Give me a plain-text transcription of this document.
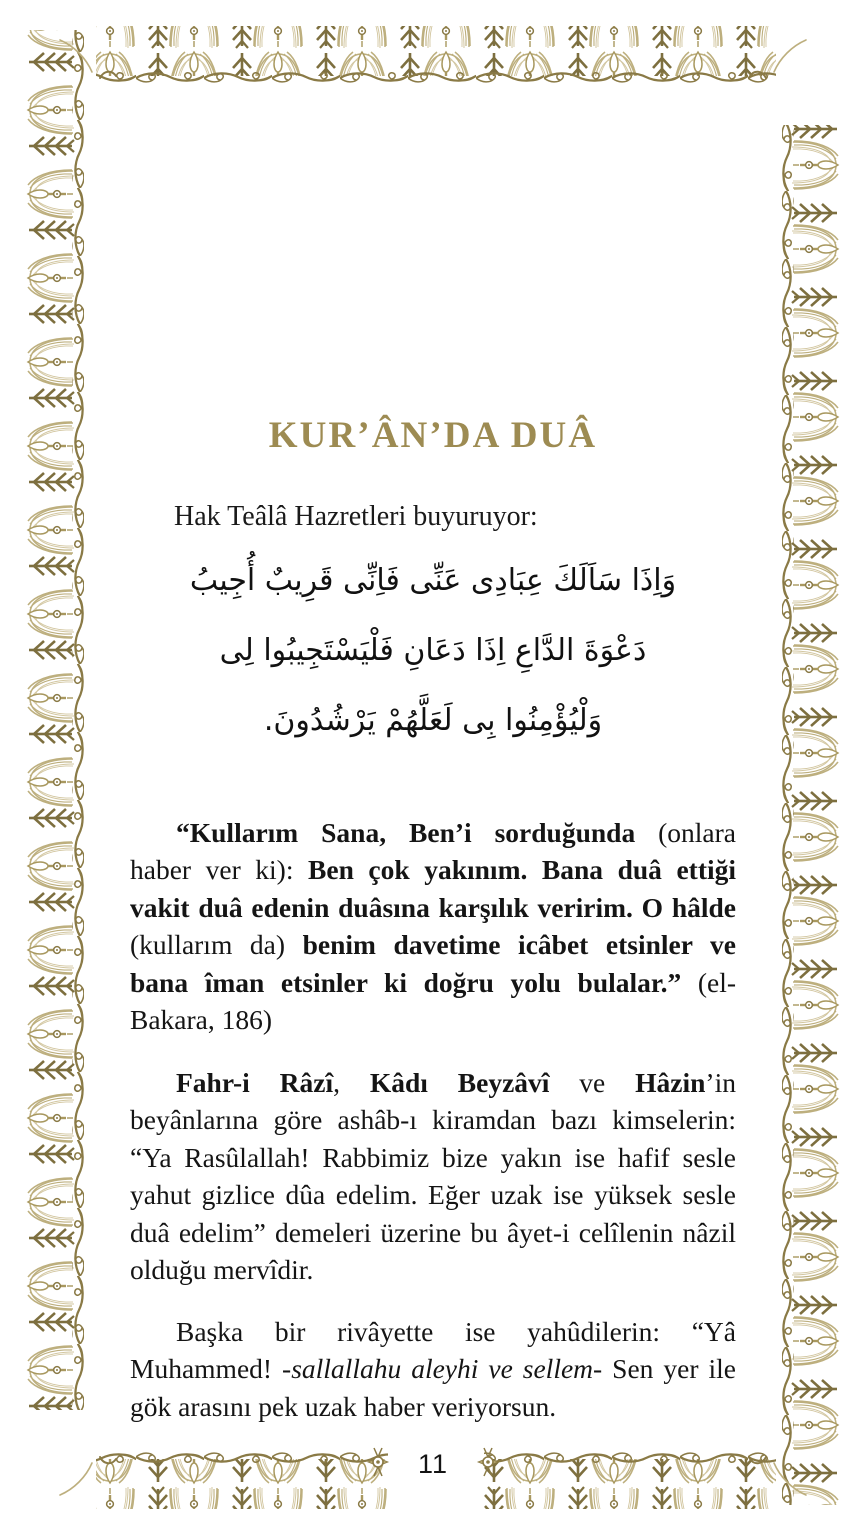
KUR’ÂN’DA DUÂ
Hak Teâlâ Hazretleri buyuruyor:
وَاِذَا سَاَلَكَ عِبَادِى عَنِّى فَاِنِّى قَرِيبٌ أُجِيبُ
دَعْوَةَ الدَّاعِ اِذَا دَعَانِ فَلْيَسْتَجِيبُوا لِى
وَلْيُؤْمِنُوا بِى لَعَلَّهُمْ يَرْشُدُونَ.

“Kullarım Sana, Ben’i sorduğunda (onlara haber ver ki): Ben çok yakınım. Bana duâ ettiği vakit duâ edenin duâsına karşılık veririm. O hâlde (kullarım da) benim davetime icâbet etsinler ve bana îman etsinler ki doğru yolu bulalar.” (el-Bakara, 186)

Fahr-i Râzî, Kâdı Beyzâvî ve Hâzin’in beyânlarına göre ashâb-ı kiramdan bazı kimselerin: “Ya Rasûlallah! Rabbimiz bize yakın ise hafif sesle yahut gizlice dûa edelim. Eğer uzak ise yüksek sesle duâ edelim” demeleri üzerine bu âyet-i celîlenin nâzil olduğu mervîdir.

Başka bir rivâyette ise yahûdilerin: “Yâ Muhammed! -sallallahu aleyhi ve sellem- Sen yer ile gök arasını pek uzak haber veriyorsun.

11
